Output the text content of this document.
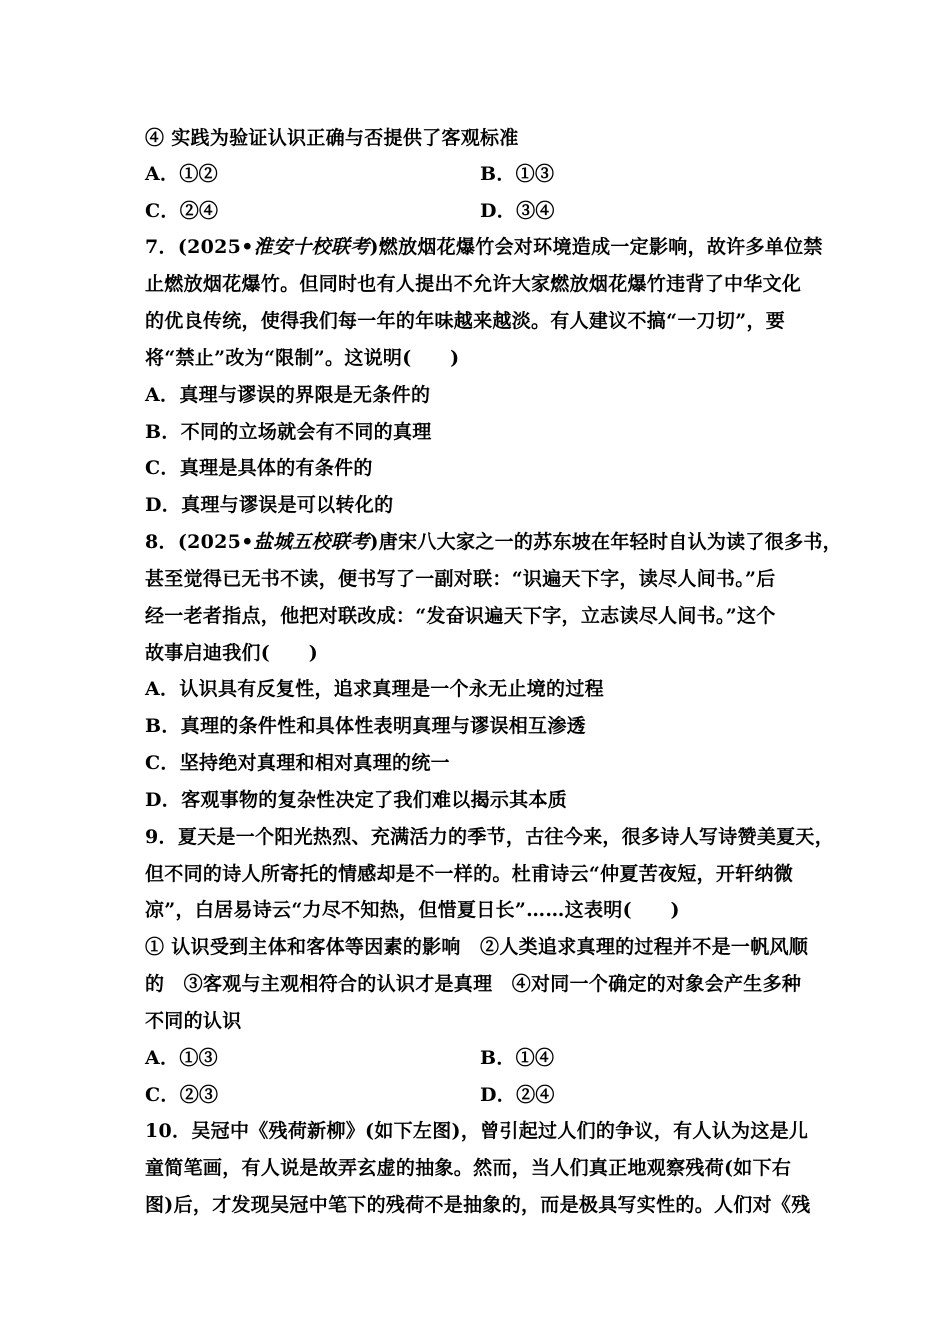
④ 实践为验证认识正确与否提供了客观标准
A．①②	B．①③
C．②④	D．③④
7．(2025•淮安十校联考)燃放烟花爆竹会对环境造成一定影响，故许多单位禁
止燃放烟花爆竹。但同时也有人提出不允许大家燃放烟花爆竹违背了中华文化
的优良传统，使得我们每一年的年味越来越淡。有人建议不搞“一刀切”，要
将“禁止”改为“限制”。这说明(　　)
A．真理与谬误的界限是无条件的
B．不同的立场就会有不同的真理
C．真理是具体的有条件的
D．真理与谬误是可以转化的
8．(2025•盐城五校联考)唐宋八大家之一的苏东坡在年轻时自认为读了很多书，
甚至觉得已无书不读，便书写了一副对联：“识遍天下字，读尽人间书。”后
经一老者指点，他把对联改成：“发奋识遍天下字，立志读尽人间书。”这个
故事启迪我们(　　)
A．认识具有反复性，追求真理是一个永无止境的过程
B．真理的条件性和具体性表明真理与谬误相互渗透
C．坚持绝对真理和相对真理的统一
D．客观事物的复杂性决定了我们难以揭示其本质
9．夏天是一个阳光热烈、充满活力的季节，古往今来，很多诗人写诗赞美夏天，
但不同的诗人所寄托的情感却是不一样的。杜甫诗云“仲夏苦夜短，开轩纳微
凉”，白居易诗云“力尽不知热，但惜夏日长”……这表明(　　)
① 认识受到主体和客体等因素的影响　②人类追求真理的过程并不是一帆风顺
的　③客观与主观相符合的认识才是真理　④对同一个确定的对象会产生多种
不同的认识
A．①③	B．①④
C．②③	D．②④
10．吴冠中《残荷新柳》(如下左图)，曾引起过人们的争议，有人认为这是儿
童简笔画，有人说是故弄玄虚的抽象。然而，当人们真正地观察残荷(如下右
图)后，才发现吴冠中笔下的残荷不是抽象的，而是极具写实性的。人们对《残
